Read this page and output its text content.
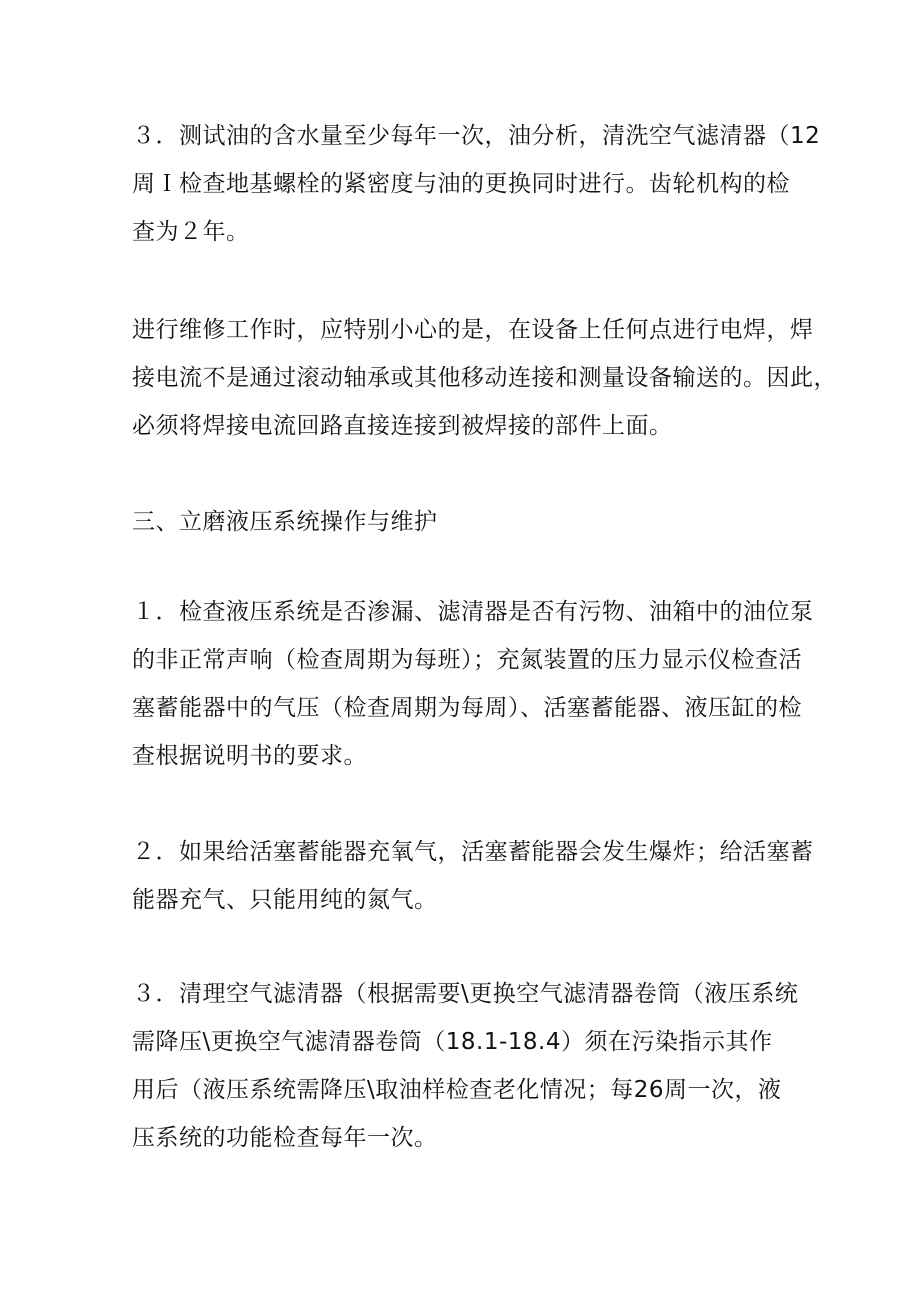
３．测试油的含水量至少每年一次，油分析，清洗空气滤清器（12
周Ｉ检查地基螺栓的紧密度与油的更换同时进行。齿轮机构的检
查为２年。

进行维修工作时，应特别小心的是，在设备上任何点进行电焊，焊
接电流不是通过滚动轴承或其他移动连接和测量设备输送的。因此，
必须将焊接电流回路直接连接到被焊接的部件上面。

三、立磨液压系统操作与维护

１．检查液压系统是否渗漏、滤清器是否有污物、油箱中的油位泵
的非正常声响（检查周期为每班）；充氮装置的压力显示仪检查活
塞蓄能器中的气压（检查周期为每周）、活塞蓄能器、液压缸的检
查根据说明书的要求。

２．如果给活塞蓄能器充氧气，活塞蓄能器会发生爆炸；给活塞蓄
能器充气、只能用纯的氮气。

３．清理空气滤清器（根据需要\更换空气滤清器卷筒（液压系统
需降压\更换空气滤清器卷筒（18.1-18.4）须在污染指示其作
用后（液压系统需降压\取油样检查老化情况；每26周一次，液
压系统的功能检查每年一次。
